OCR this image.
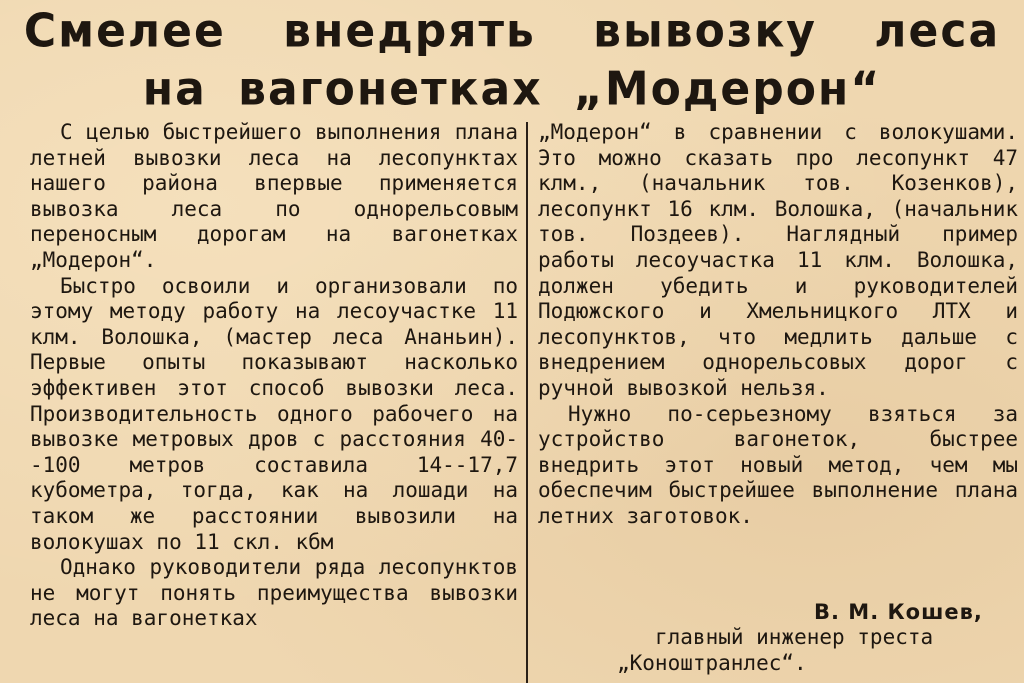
Смелее внедрять вывозку леса
на вагонетках „Модерон“

С целью быстрейшего выполнения плана летней вывозки леса на лесопунктах нашего района впервые применяется вывозка леса по однорельсовым переносным дорогам на вагонетках „Модерон“.

Быстро освоили и организовали по этому методу работу на лесоучастке 11 клм. Волошка, (мастер леса Ананьин). Первые опыты показывают насколько эффективен этот способ вывозки леса. Производительность одного рабочего на вывозке метровых дров с расстояния 40--100 метров составила 14--17,7 кубометра, тогда, как на лошади на таком же расстоянии вывозили на волокушах по 11 скл. кбм

Однако руководители ряда лесопунктов не могут понять преимущества вывозки леса на вагонетках

„Модерон“ в сравнении с волокушами. Это можно сказать про лесопункт 47 клм., (начальник тов. Козенков), лесопункт 16 клм. Волошка, (начальник тов. Поздеев). Наглядный пример работы лесоучастка 11 клм. Волошка, должен убедить и руководителей Подюжского и Хмельницкого ЛТХ и лесопунктов, что медлить дальше с внедрением однорельсовых дорог с ручной вывозкой нельзя.

Нужно по-серьезному взяться за устройство вагонеток, быстрее внедрить этот новый метод, чем мы обеспечим быстрейшее выполнение плана летних заготовок.

В. М. Кошев,
главный инженер треста
„Коноштранлес“.
